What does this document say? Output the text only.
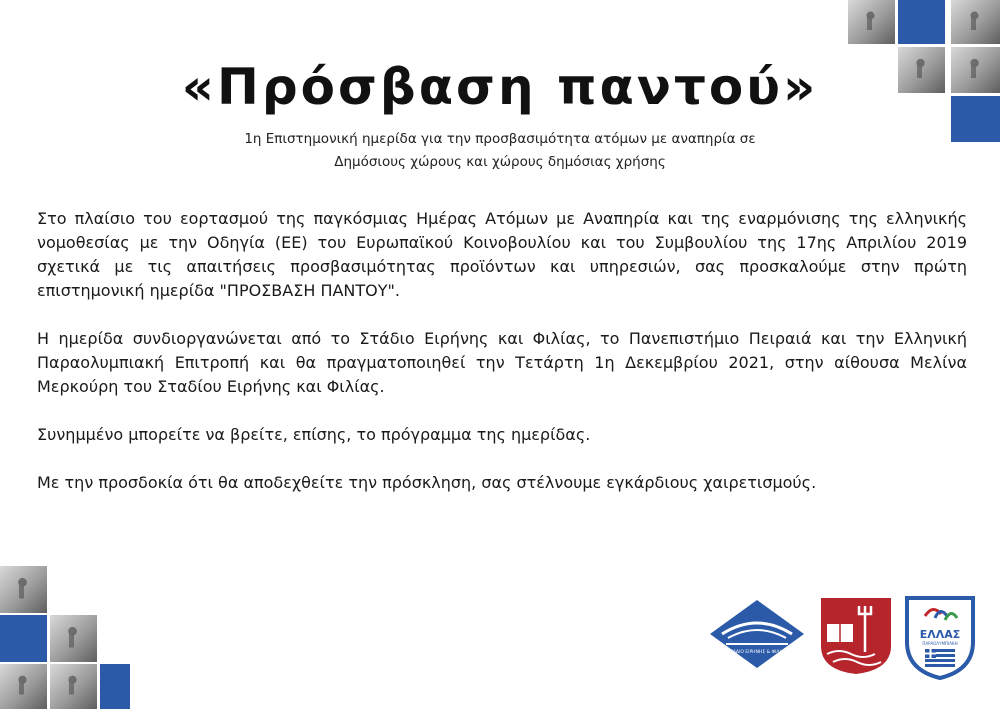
«Πρόσβαση παντού»
1η Επιστημονική ημερίδα για την προσβασιμότητα ατόμων με αναπηρία σε
Δημόσιους χώρους και χώρους δημόσιας χρήσης

Στο πλαίσιο του εορτασμού της παγκόσμιας Ημέρας Ατόμων με Αναπηρία και της εναρμόνισης της ελληνικής νομοθεσίας με την Οδηγία (ΕΕ) του Ευρωπαϊκού Κοινοβουλίου και του Συμβουλίου της 17ης Απριλίου 2019 σχετικά με τις απαιτήσεις προσβασιμότητας προϊόντων και υπηρεσιών, σας προσκαλούμε στην πρώτη επιστημονική ημερίδα "ΠΡΟΣΒΑΣΗ ΠΑΝΤΟΥ".

Η ημερίδα συνδιοργανώνεται από το Στάδιο Ειρήνης και Φιλίας, το Πανεπιστήμιο Πειραιά και την Ελληνική Παραολυμπιακή Επιτροπή και θα πραγματοποιηθεί την Τετάρτη 1η Δεκεμβρίου 2021, στην αίθουσα Μελίνα Μερκούρη του Σταδίου Ειρήνης και Φιλίας.

Συνημμένο μπορείτε να βρείτε, επίσης, το πρόγραμμα της ημερίδας.

Με την προσδοκία ότι θα αποδεχθείτε την πρόσκληση, σας στέλνουμε εγκάρδιους χαιρετισμούς.

ΣΤΑΔΙΟ ΕΙΡΗΝΗΣ & ΦΙΛΙΑΣ
ΕΛΛΑΣ
ΠΑΡΑΟΛΥΜΠΙΑΚΗ
